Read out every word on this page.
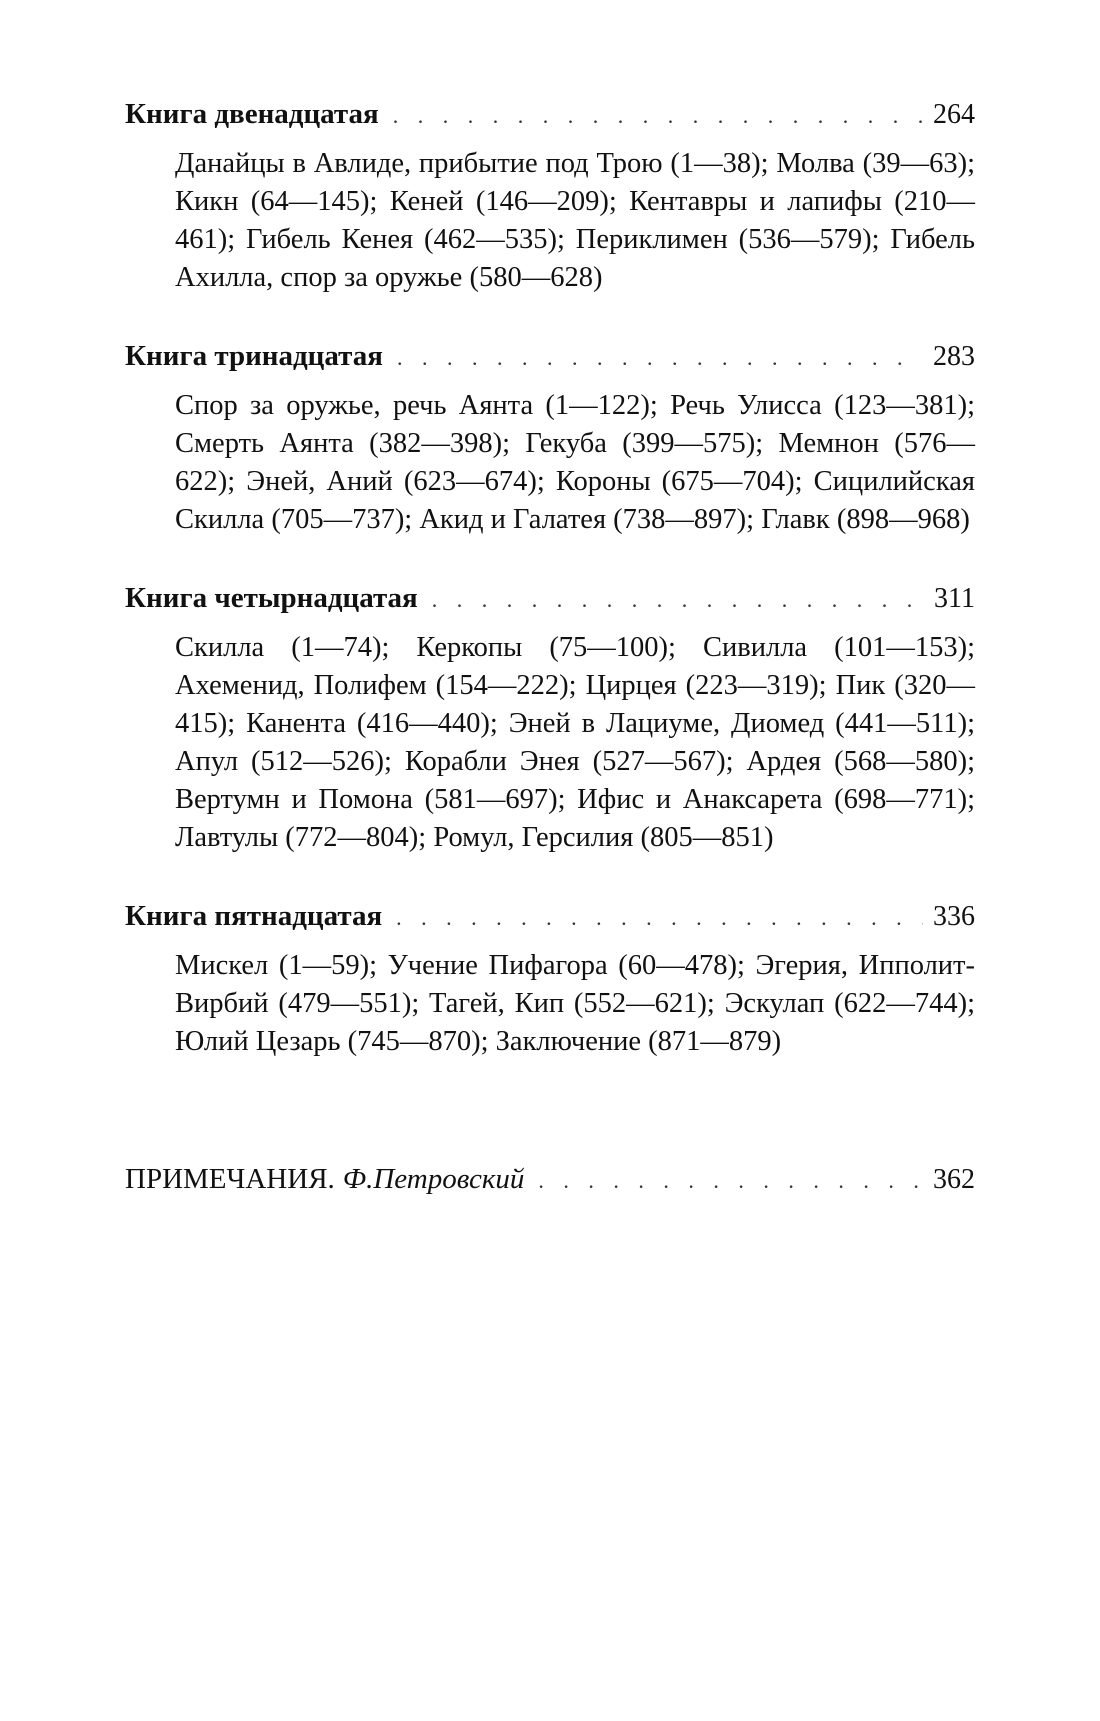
Книга двенадцатая . . .	264
Данайцы в Авлиде, прибытие под Трою (1—38); Молва (39—63); Кикн (64—145); Кеней (146—209); Кентавры и лапифы (210—461); Гибель Кенея (462—535); Периклимен (536—579); Гибель Ахилла, спор за оружье (580—628)
Книга тринадцатая . . .	283
Спор за оружье, речь Аянта (1—122); Речь Улисса (123—381); Смерть Аянта (382—398); Гекуба (399—575); Мемнон (576—622); Эней, Аний (623—674); Короны (675—704); Сицилийская Скилла (705—737); Акид и Галатея (738—897); Главк (898—968)
Книга четырнадцатая . . .	311
Скилла (1—74); Керкопы (75—100); Сивилла (101—153); Ахеменид, Полифем (154—222); Цирцея (223—319); Пик (320—415); Канента (416—440); Эней в Лациуме, Диомед (441—511); Апул (512—526); Корабли Энея (527—567); Ардея (568—580); Вертумн и Помона (581—697); Ифис и Анаксарета (698—771); Лавтулы (772—804); Ромул, Герсилия (805—851)
Книга пятнадцатая . . .	336
Мискел (1—59); Учение Пифагора (60—478); Эгерия, Ипполит-Вирбий (479—551); Тагей, Кип (552—621); Эскулап (622—744); Юлий Цезарь (745—870); Заключение (871—879)
ПРИМЕЧАНИЯ. Ф.Петровский . . .	362
